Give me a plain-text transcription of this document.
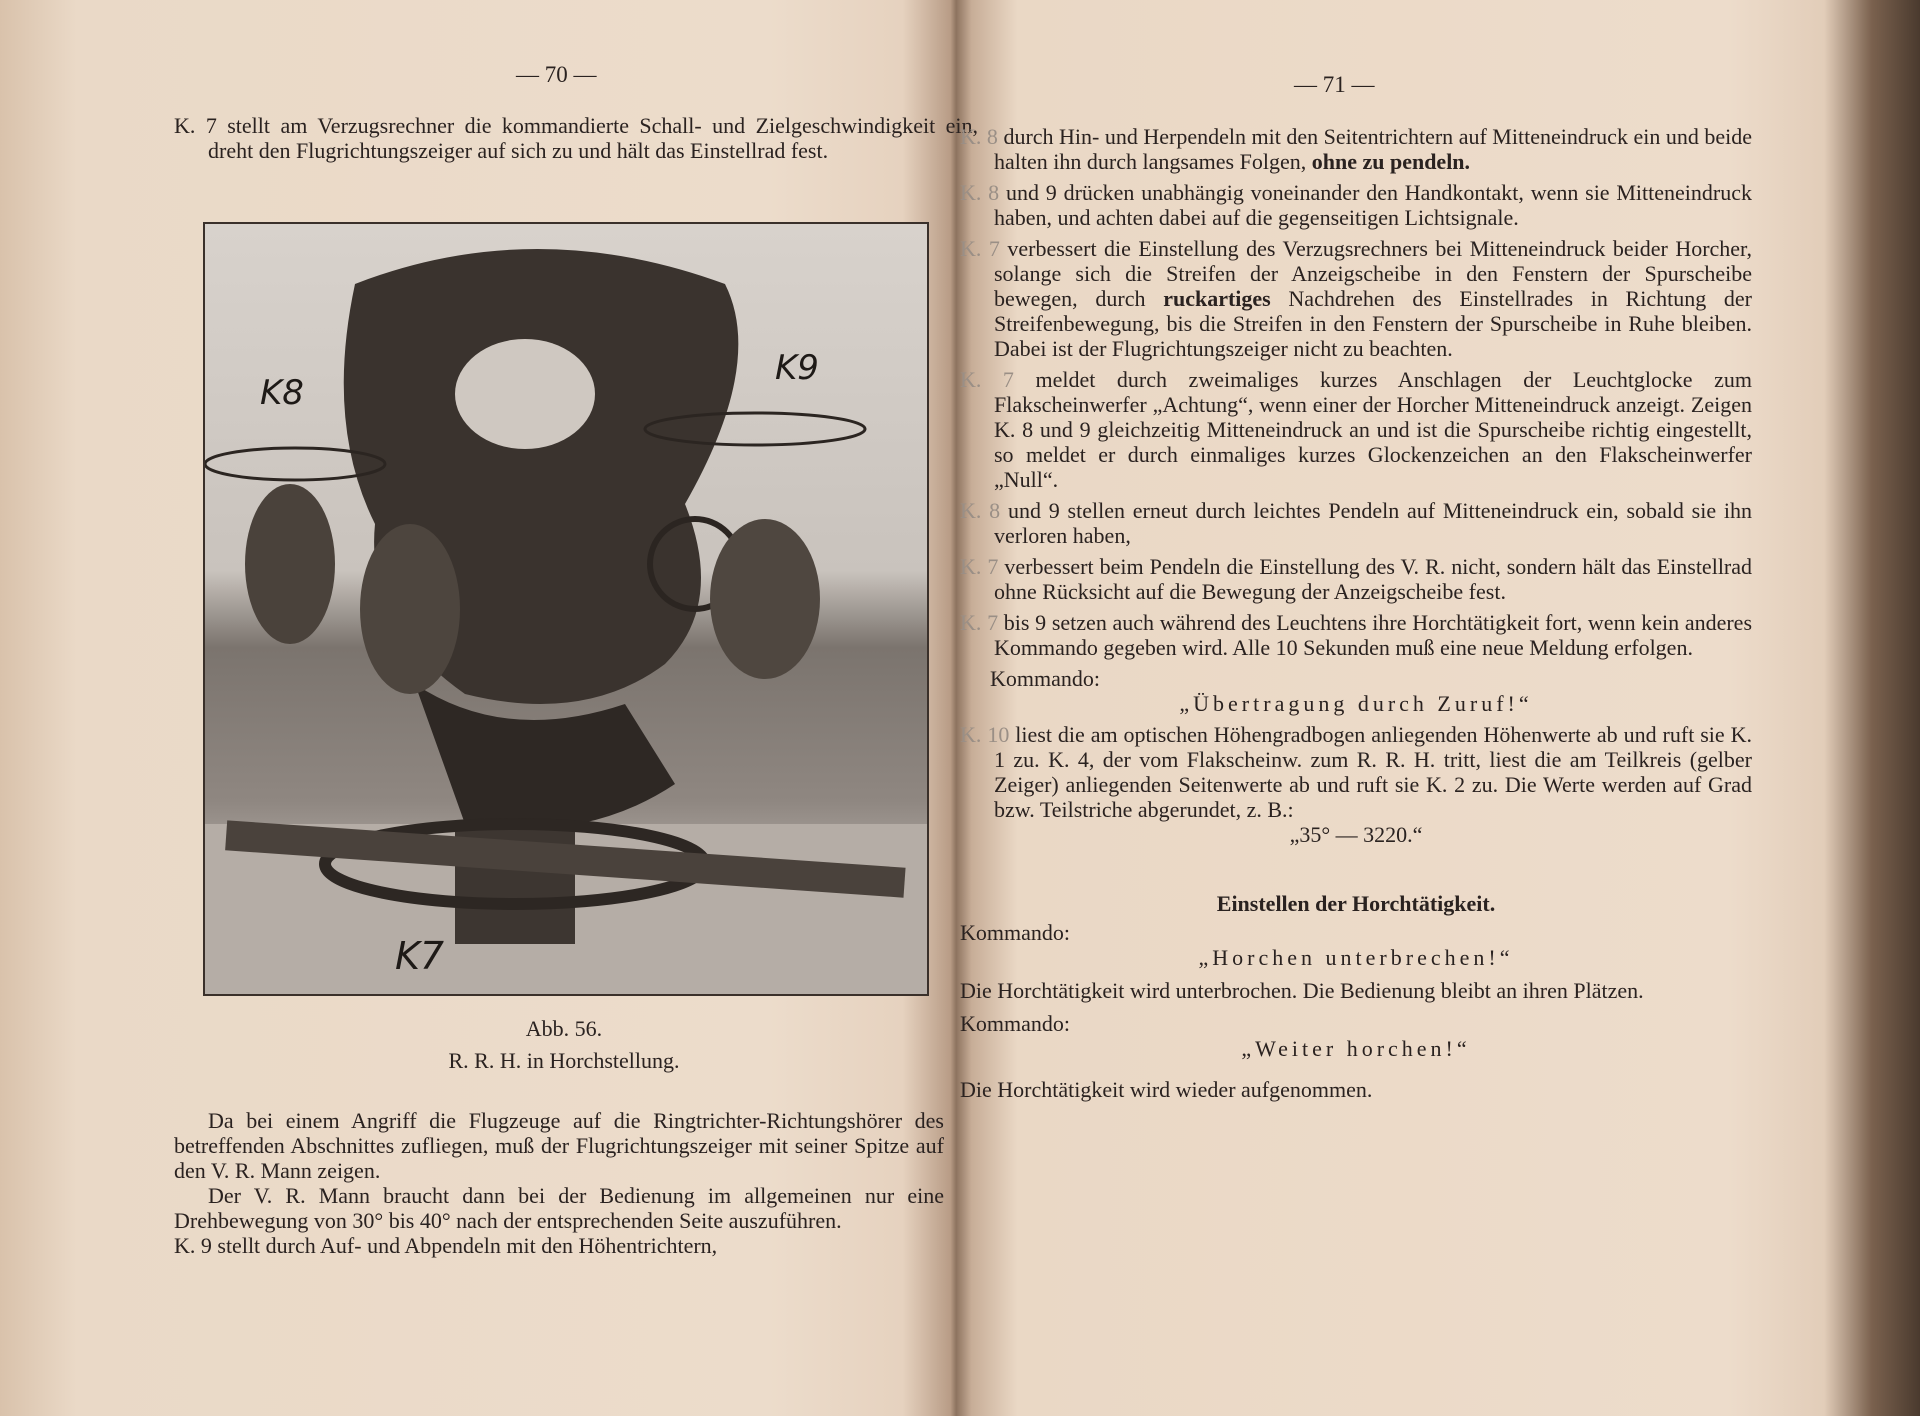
— 70 —
K. 7 stellt am Verzugsrechner die kommandierte Schall- und Zielgeschwindigkeit ein, dreht den Flugrichtungszeiger auf sich zu und hält das Einstellrad fest.
K8
K9
K7
Abb. 56.
R. R. H. in Horchstellung.
Da bei einem Angriff die Flugzeuge auf die Ringtrichter-Richtungshörer des betreffenden Abschnittes zufliegen, muß der Flugrichtungszeiger mit seiner Spitze auf den V. R. Mann zeigen.
Der V. R. Mann braucht dann bei der Bedienung im allgemeinen nur eine Drehbewegung von 30° bis 40° nach der entsprechenden Seite auszuführen.
K. 9 stellt durch Auf- und Abpendeln mit den Höhentrichtern,
— 71 —
K. 8 durch Hin- und Herpendeln mit den Seitentrichtern auf Mitteneindruck ein und beide halten ihn durch langsames Folgen, ohne zu pendeln.
K. 8 und 9 drücken unabhängig voneinander den Handkontakt, wenn sie Mitteneindruck haben, und achten dabei auf die gegenseitigen Lichtsignale.
K. 7 verbessert die Einstellung des Verzugsrechners bei Mitteneindruck beider Horcher, solange sich die Streifen der Anzeigscheibe in den Fenstern der Spurscheibe bewegen, durch ruckartiges Nachdrehen des Einstellrades in Richtung der Streifenbewegung, bis die Streifen in den Fenstern der Spurscheibe in Ruhe bleiben. Dabei ist der Flugrichtungszeiger nicht zu beachten.
K. 7 meldet durch zweimaliges kurzes Anschlagen der Leuchtglocke zum Flakscheinwerfer „Achtung“, wenn einer der Horcher Mitteneindruck anzeigt. Zeigen K. 8 und 9 gleichzeitig Mitteneindruck an und ist die Spurscheibe richtig eingestellt, so meldet er durch einmaliges kurzes Glockenzeichen an den Flakscheinwerfer „Null“.
K. 8 und 9 stellen erneut durch leichtes Pendeln auf Mitteneindruck ein, sobald sie ihn verloren haben,
K. 7 verbessert beim Pendeln die Einstellung des V. R. nicht, sondern hält das Einstellrad ohne Rücksicht auf die Bewegung der Anzeigscheibe fest.
K. 7 bis 9 setzen auch während des Leuchtens ihre Horchtätigkeit fort, wenn kein anderes Kommando gegeben wird. Alle 10 Sekunden muß eine neue Meldung erfolgen.
Kommando:
„Übertragung durch Zuruf!“
K. 10 liest die am optischen Höhengradbogen anliegenden Höhenwerte ab und ruft sie K. 1 zu. K. 4, der vom Flakscheinw. zum R. R. H. tritt, liest die am Teilkreis (gelber Zeiger) anliegenden Seitenwerte ab und ruft sie K. 2 zu. Die Werte werden auf Grad bzw. Teilstriche abgerundet, z. B.:
„35° — 3220.“
Einstellen der Horchtätigkeit.
Kommando:
„Horchen unterbrechen!“
Die Horchtätigkeit wird unterbrochen. Die Bedienung bleibt an ihren Plätzen.
Kommando:
„Weiter horchen!“
Die Horchtätigkeit wird wieder aufgenommen.
